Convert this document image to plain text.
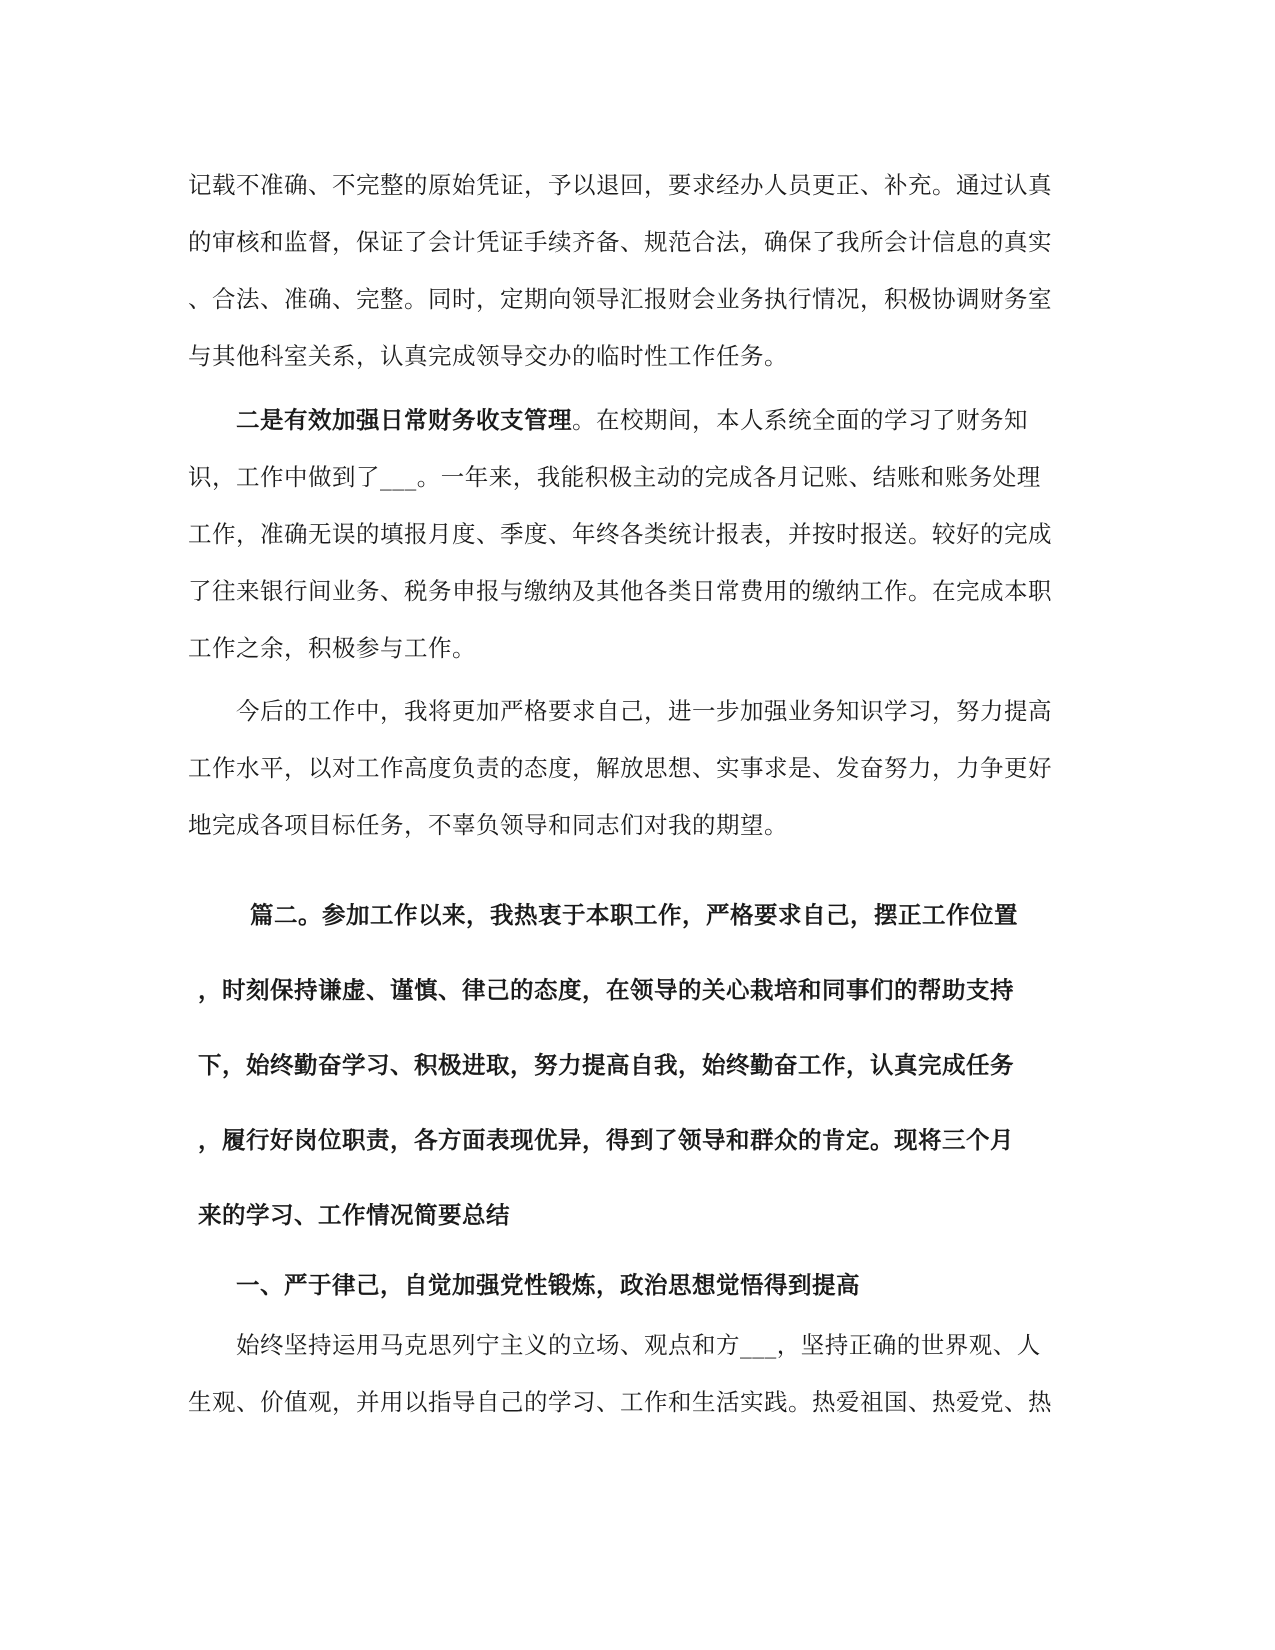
记载不准确、不完整的原始凭证，予以退回，要求经办人员更正、补充。通过认真
的审核和监督，保证了会计凭证手续齐备、规范合法，确保了我所会计信息的真实
、合法、准确、完整。同时，定期向领导汇报财会业务执行情况，积极协调财务室
与其他科室关系，认真完成领导交办的临时性工作任务。
二是有效加强日常财务收支管理。在校期间，本人系统全面的学习了财务知
识，工作中做到了___。一年来，我能积极主动的完成各月记账、结账和账务处理
工作，准确无误的填报月度、季度、年终各类统计报表，并按时报送。较好的完成
了往来银行间业务、税务申报与缴纳及其他各类日常费用的缴纳工作。在完成本职
工作之余，积极参与工作。
今后的工作中，我将更加严格要求自己，进一步加强业务知识学习，努力提高
工作水平，以对工作高度负责的态度，解放思想、实事求是、发奋努力，力争更好
地完成各项目标任务，不辜负领导和同志们对我的期望。
篇二。参加工作以来，我热衷于本职工作，严格要求自己，摆正工作位置
，时刻保持谦虚、谨慎、律己的态度，在领导的关心栽培和同事们的帮助支持
下，始终勤奋学习、积极进取，努力提高自我，始终勤奋工作，认真完成任务
，履行好岗位职责，各方面表现优异，得到了领导和群众的肯定。现将三个月
来的学习、工作情况简要总结
一、严于律己，自觉加强党性锻炼，政治思想觉悟得到提高
始终坚持运用马克思列宁主义的立场、观点和方___，坚持正确的世界观、人
生观、价值观，并用以指导自己的学习、工作和生活实践。热爱祖国、热爱党、热
